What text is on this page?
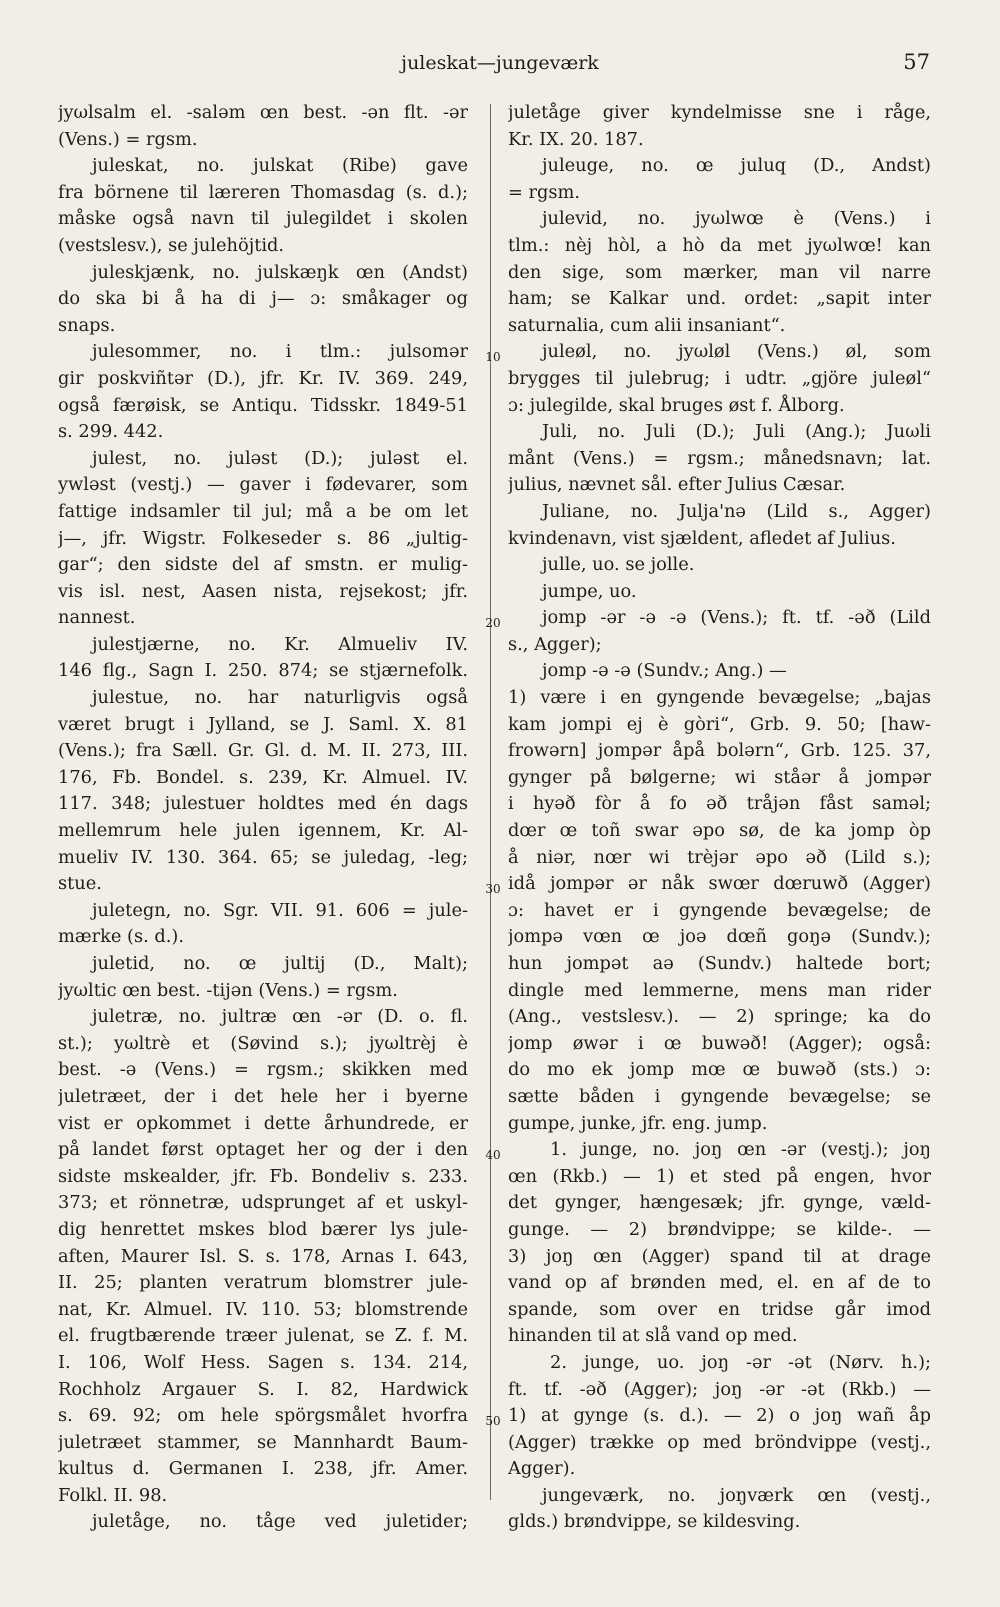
juleskat—jungeværk	57
jyωlsalm el. -saləm œn best. -ən flt. -ər
(Vens.) = rgsm.
juleskat, no. julskat (Ribe) gave
fra börnene til læreren Thomasdag (s. d.);
måske også navn til julegildet i skolen
(vestslesv.), se julehöjtid.
juleskjænk, no. julskæŋk œn (Andst)
do ska bi å ha di j— ɔ: småkager og
snaps.
julesommer, no. i tlm.: julsomər
gir poskviñtər (D.), jfr. Kr. IV. 369. 249,
også færøisk, se Antiqu. Tidsskr. 1849-51
s. 299. 442.
julest, no. juləst (D.); juləst el.
ywləst (vestj.) — gaver i fødevarer, som
fattige indsamler til jul; må a be om let
j—, jfr. Wigstr. Folkeseder s. 86 „jultig-
gar“; den sidste del af smstn. er mulig-
vis isl. nest, Aasen nista, rejsekost; jfr.
nannest.
julestjærne, no. Kr. Almueliv IV.
146 flg., Sagn I. 250. 874; se stjærnefolk.
julestue, no. har naturligvis også
været brugt i Jylland, se J. Saml. X. 81
(Vens.); fra Sæll. Gr. Gl. d. M. II. 273, III.
176, Fb. Bondel. s. 239, Kr. Almuel. IV.
117. 348; julestuer holdtes med én dags
mellemrum hele julen igennem, Kr. Al-
mueliv IV. 130. 364. 65; se juledag, -leg;
stue.
juletegn, no. Sgr. VII. 91. 606 = jule-
mærke (s. d.).
juletid, no. œ jultij (D., Malt);
jyωltic œn best. -tijən (Vens.) = rgsm.
juletræ, no. jultræ œn -ər (D. o. fl.
st.); yωltrè et (Søvind s.); jyωltrèj è
best. -ə (Vens.) = rgsm.; skikken med
juletræet, der i det hele her i byerne
vist er opkommet i dette århundrede, er
på landet først optaget her og der i den
sidste mskealder, jfr. Fb. Bondeliv s. 233.
373; et rönnetræ, udsprunget af et uskyl-
dig henrettet mskes blod bærer lys jule-
aften, Maurer Isl. S. s. 178, Arnas I. 643,
II. 25; planten veratrum blomstrer jule-
nat, Kr. Almuel. IV. 110. 53; blomstrende
el. frugtbærende træer julenat, se Z. f. M.
I. 106, Wolf Hess. Sagen s. 134. 214,
Rochholz Argauer S. I. 82, Hardwick
s. 69. 92; om hele spörgsmålet hvorfra
juletræet stammer, se Mannhardt Baum-
kultus d. Germanen I. 238, jfr. Amer.
Folkl. II. 98.
juletåge, no. tåge ved juletider;
juletåge giver kyndelmisse sne i råge,
Kr. IX. 20. 187.
juleuge, no. œ juluq (D., Andst)
= rgsm.
julevid, no. jyωlwœ è (Vens.) i
tlm.: nèj hòl, a hò da met jyωlwœ! kan
den sige, som mærker, man vil narre
ham; se Kalkar und. ordet: „sapit inter
saturnalia, cum alii insaniant“.
juleøl, no. jyωløl (Vens.) øl, som
brygges til julebrug; i udtr. „gjöre juleøl“
ɔ: julegilde, skal bruges øst f. Ålborg.
Juli, no. Juli (D.); Juli (Ang.); Juωli
månt (Vens.) = rgsm.; månedsnavn; lat.
julius, nævnet sål. efter Julius Cæsar.
Juliane, no. Julja'nə (Lild s., Agger)
kvindenavn, vist sjældent, afledet af Julius.
julle, uo. se jolle.
jumpe, uo.
jomp -ər -ə -ə (Vens.); ft. tf. -əð (Lild
s., Agger);
jomp -ə -ə (Sundv.; Ang.) —
1) være i en gyngende bevægelse; „bajas
kam jompi ej è gòri“, Grb. 9. 50; [haw-
frowərn] jompər åpå bolərn“, Grb. 125. 37,
gynger på bølgerne; wi ståər å jompər
i hyəð fòr å fo əð tråjən fåst saməl;
dœr œ toñ swar əpo sø, de ka jomp òp
å niər, nœr wi trèjər əpo əð (Lild s.);
idå jompər ər nåk swœr dœruwð (Agger)
ɔ: havet er i gyngende bevægelse; de
jompə vœn œ joə dœñ goŋə (Sundv.);
hun jompət aə (Sundv.) haltede bort;
dingle med lemmerne, mens man rider
(Ang., vestslesv.). — 2) springe; ka do
jomp øwər i œ buwəð! (Agger); også:
do mo ek jomp mœ œ buwəð (sts.) ɔ:
sætte båden i gyngende bevægelse; se
gumpe, junke, jfr. eng. jump.
1. junge, no. joŋ œn -ər (vestj.); joŋ
œn (Rkb.) — 1) et sted på engen, hvor
det gynger, hængesæk; jfr. gynge, væld-
gunge. — 2) brøndvippe; se kilde-. —
3) joŋ œn (Agger) spand til at drage
vand op af brønden med, el. en af de to
spande, som over en tridse går imod
hinanden til at slå vand op med.
2. junge, uo. joŋ -ər -ət (Nørv. h.);
ft. tf. -əð (Agger); joŋ -ər -ət (Rkb.) —
1) at gynge (s. d.). — 2) o joŋ wañ åp
(Agger) trække op med bröndvippe (vestj.,
Agger).
jungeværk, no. joŋværk œn (vestj.,
glds.) brøndvippe, se kildesving.
10
20
30
40
50
